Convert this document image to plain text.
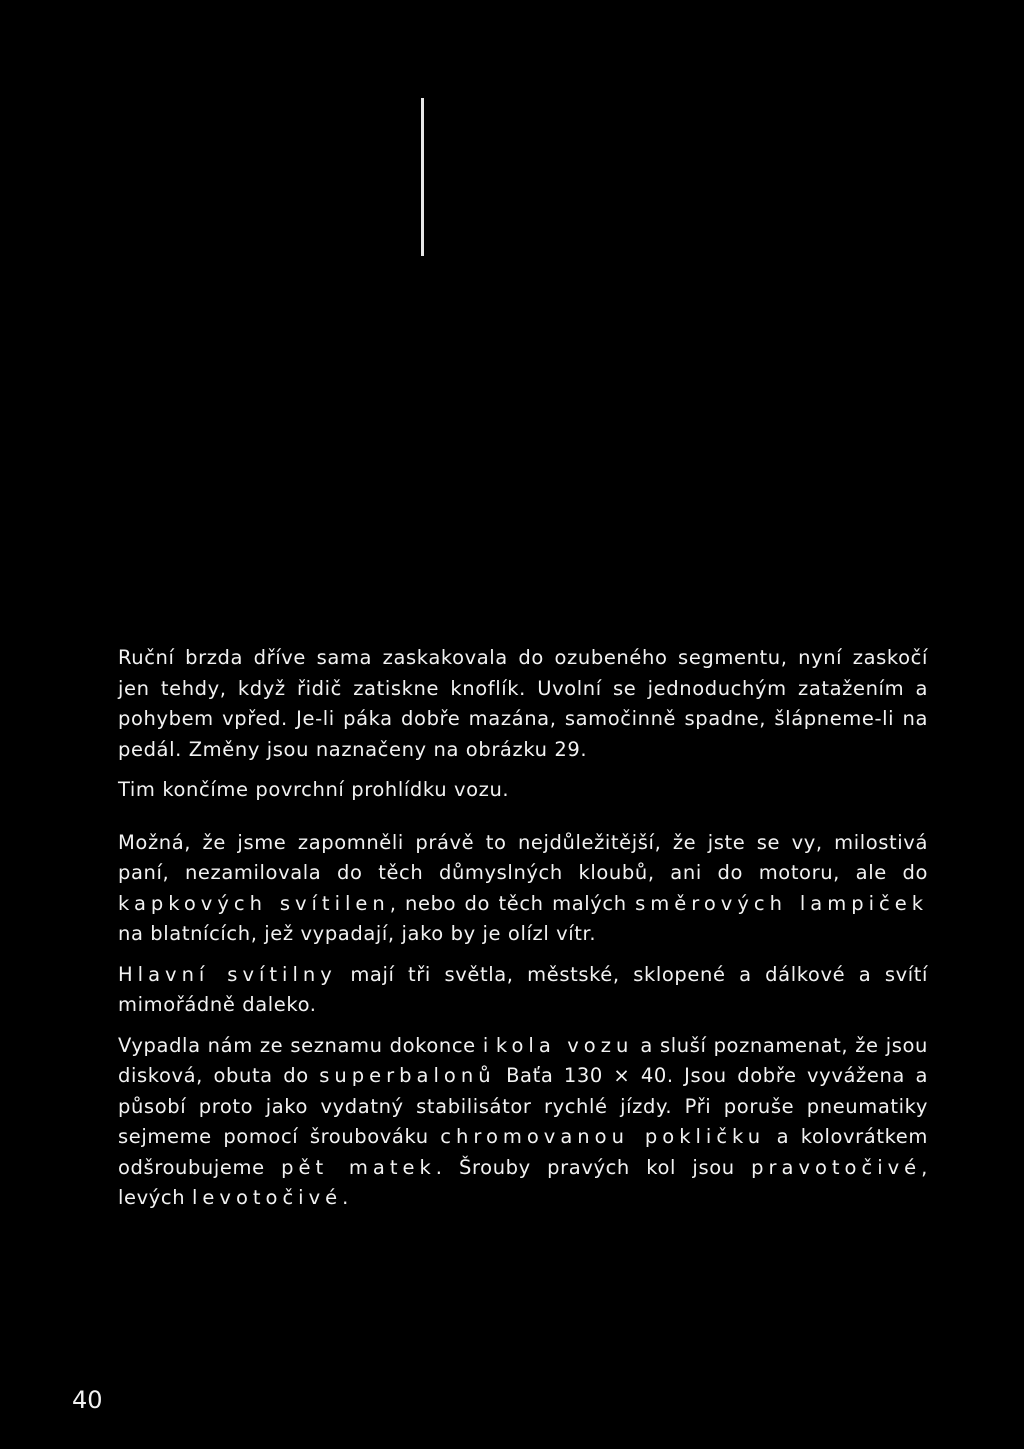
Ruční brzda dříve sama zaskakovala do ozubeného segmentu, nyní zaskočí jen tehdy, když řidič zatiskne knoflík. Uvolní se jednoduchým zatažením a pohybem vpřed. Je-li páka dobře mazána, samočinně spadne, šlápneme-li na pedál. Změny jsou naznačeny na obrázku 29.

Tim končíme povrchní prohlídku vozu.

Možná, že jsme zapomněli právě to nejdůležitější, že jste se vy, milostivá paní, nezamilovala do těch důmyslných kloubů, ani do motoru, ale do kapkových svítilen, nebo do těch malých směrových lampiček na blatnících, jež vypadají, jako by je olízl vítr.

Hlavní svítilny mají tři světla, městské, sklopené a dálkové a svítí mimořádně daleko.

Vypadla nám ze seznamu dokonce i kola vozu a sluší poznamenat, že jsou disková, obuta do superbalonů Baťa 130 × 40. Jsou dobře vyvážena a působí proto jako vydatný stabilisátor rychlé jízdy. Při poruše pneumatiky sejmeme pomocí šroubováku chromovanou pokličku a kolovrátkem odšroubujeme pět matek. Šrouby pravých kol jsou pravotočivé, levých levotočivé.

40
